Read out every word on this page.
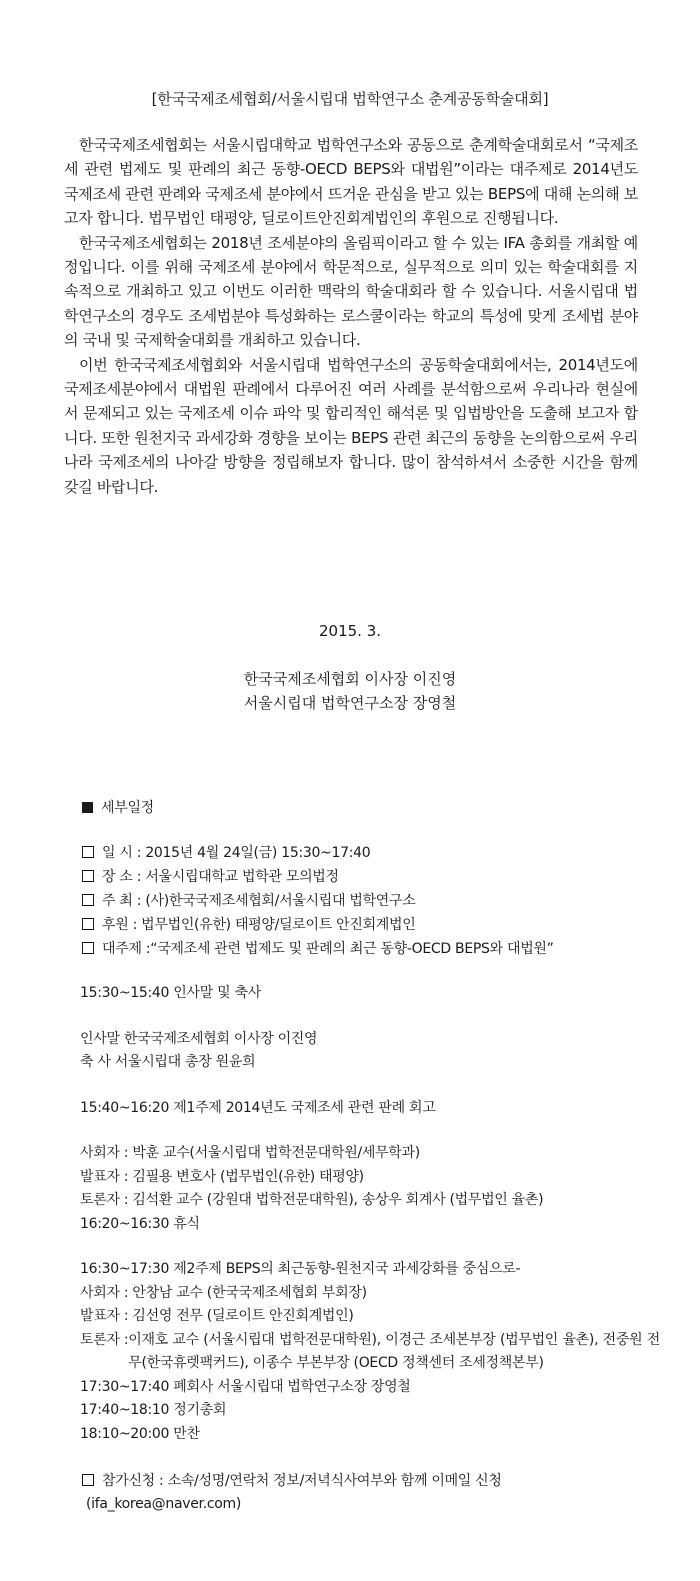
[한국국제조세협회/서울시립대 법학연구소 춘계공동학술대회]

한국국제조세협회는 서울시립대학교 법학연구소와 공동으로 춘계학술대회로서 “국제조세 관련 법제도 및 판례의 최근 동향-OECD BEPS와 대법원”이라는 대주제로 2014년도 국제조세 관련 판례와 국제조세 분야에서 뜨거운 관심을 받고 있는 BEPS에 대해 논의해 보고자 합니다. 법무법인 태평양, 딜로이트안진회계법인의 후원으로 진행됩니다.

한국국제조세협회는 2018년 조세분야의 올림픽이라고 할 수 있는 IFA 총회를 개최할 예정입니다. 이를 위해 국제조세 분야에서 학문적으로, 실무적으로 의미 있는 학술대회를 지속적으로 개최하고 있고 이번도 이러한 맥락의 학술대회라 할 수 있습니다. 서울시립대 법학연구소의 경우도 조세법분야 특성화하는 로스쿨이라는 학교의 특성에 맞게 조세법 분야의 국내 및 국제학술대회를 개최하고 있습니다.

이번 한국국제조세협회와 서울시립대 법학연구소의 공동학술대회에서는, 2014년도에 국제조세분야에서 대법원 판례에서 다루어진 여러 사례를 분석함으로써 우리나라 현실에서 문제되고 있는 국제조세 이슈 파악 및 합리적인 해석론 및 입법방안을 도출해 보고자 합니다. 또한 원천지국 과세강화 경향을 보이는 BEPS 관련 최근의 동향을 논의함으로써 우리나라 국제조세의 나아갈 방향을 정립해보자 합니다. 많이 참석하셔서 소중한 시간을 함께 갖길 바랍니다.

2015. 3.
한국국제조세협회 이사장 이진영
서울시립대 법학연구소장 장영철
세부일정
일 시 : 2015년 4월 24일(금) 15:30~17:40
장 소 : 서울시립대학교 법학관 모의법정
주 최 : (사)한국국제조세협회/서울시립대 법학연구소
후원 : 법무법인(유한) 태평양/딜로이트 안진회계법인
대주제 :“국제조세 관련 법제도 및 판례의 최근 동향-OECD BEPS와 대법원”
15:30~15:40 인사말 및 축사
인사말 한국국제조세협회 이사장 이진영
축 사 서울시립대 총장 원윤희
15:40~16:20 제1주제 2014년도 국제조세 관련 판례 회고
사회자 : 박훈 교수(서울시립대 법학전문대학원/세무학과)
발표자 : 김필용 변호사 (법무법인(유한) 태평양)
토론자 : 김석환 교수 (강원대 법학전문대학원), 송상우 회계사 (법무법인 율촌)
16:20~16:30 휴식
16:30~17:30 제2주제 BEPS의 최근동향-원천지국 과세강화를 중심으로-
사회자 : 안창남 교수 (한국국제조세협회 부회장)
발표자 : 김선영 전무 (딜로이트 안진회계법인)
토론자 : 이재호 교수 (서울시립대 법학전문대학원), 이경근 조세본부장 (법무법인 율촌), 전중원 전무(한국휴렛팩커드), 이종수 부본부장 (OECD 정책센터 조세정책본부)
17:30~17:40 폐회사 서울시립대 법학연구소장 장영철
17:40~18:10 정기총회
18:10~20:00 만찬
참가신청 : 소속/성명/연락처 정보/저녁식사여부와 함께 이메일 신청
(ifa_korea@naver.com)
